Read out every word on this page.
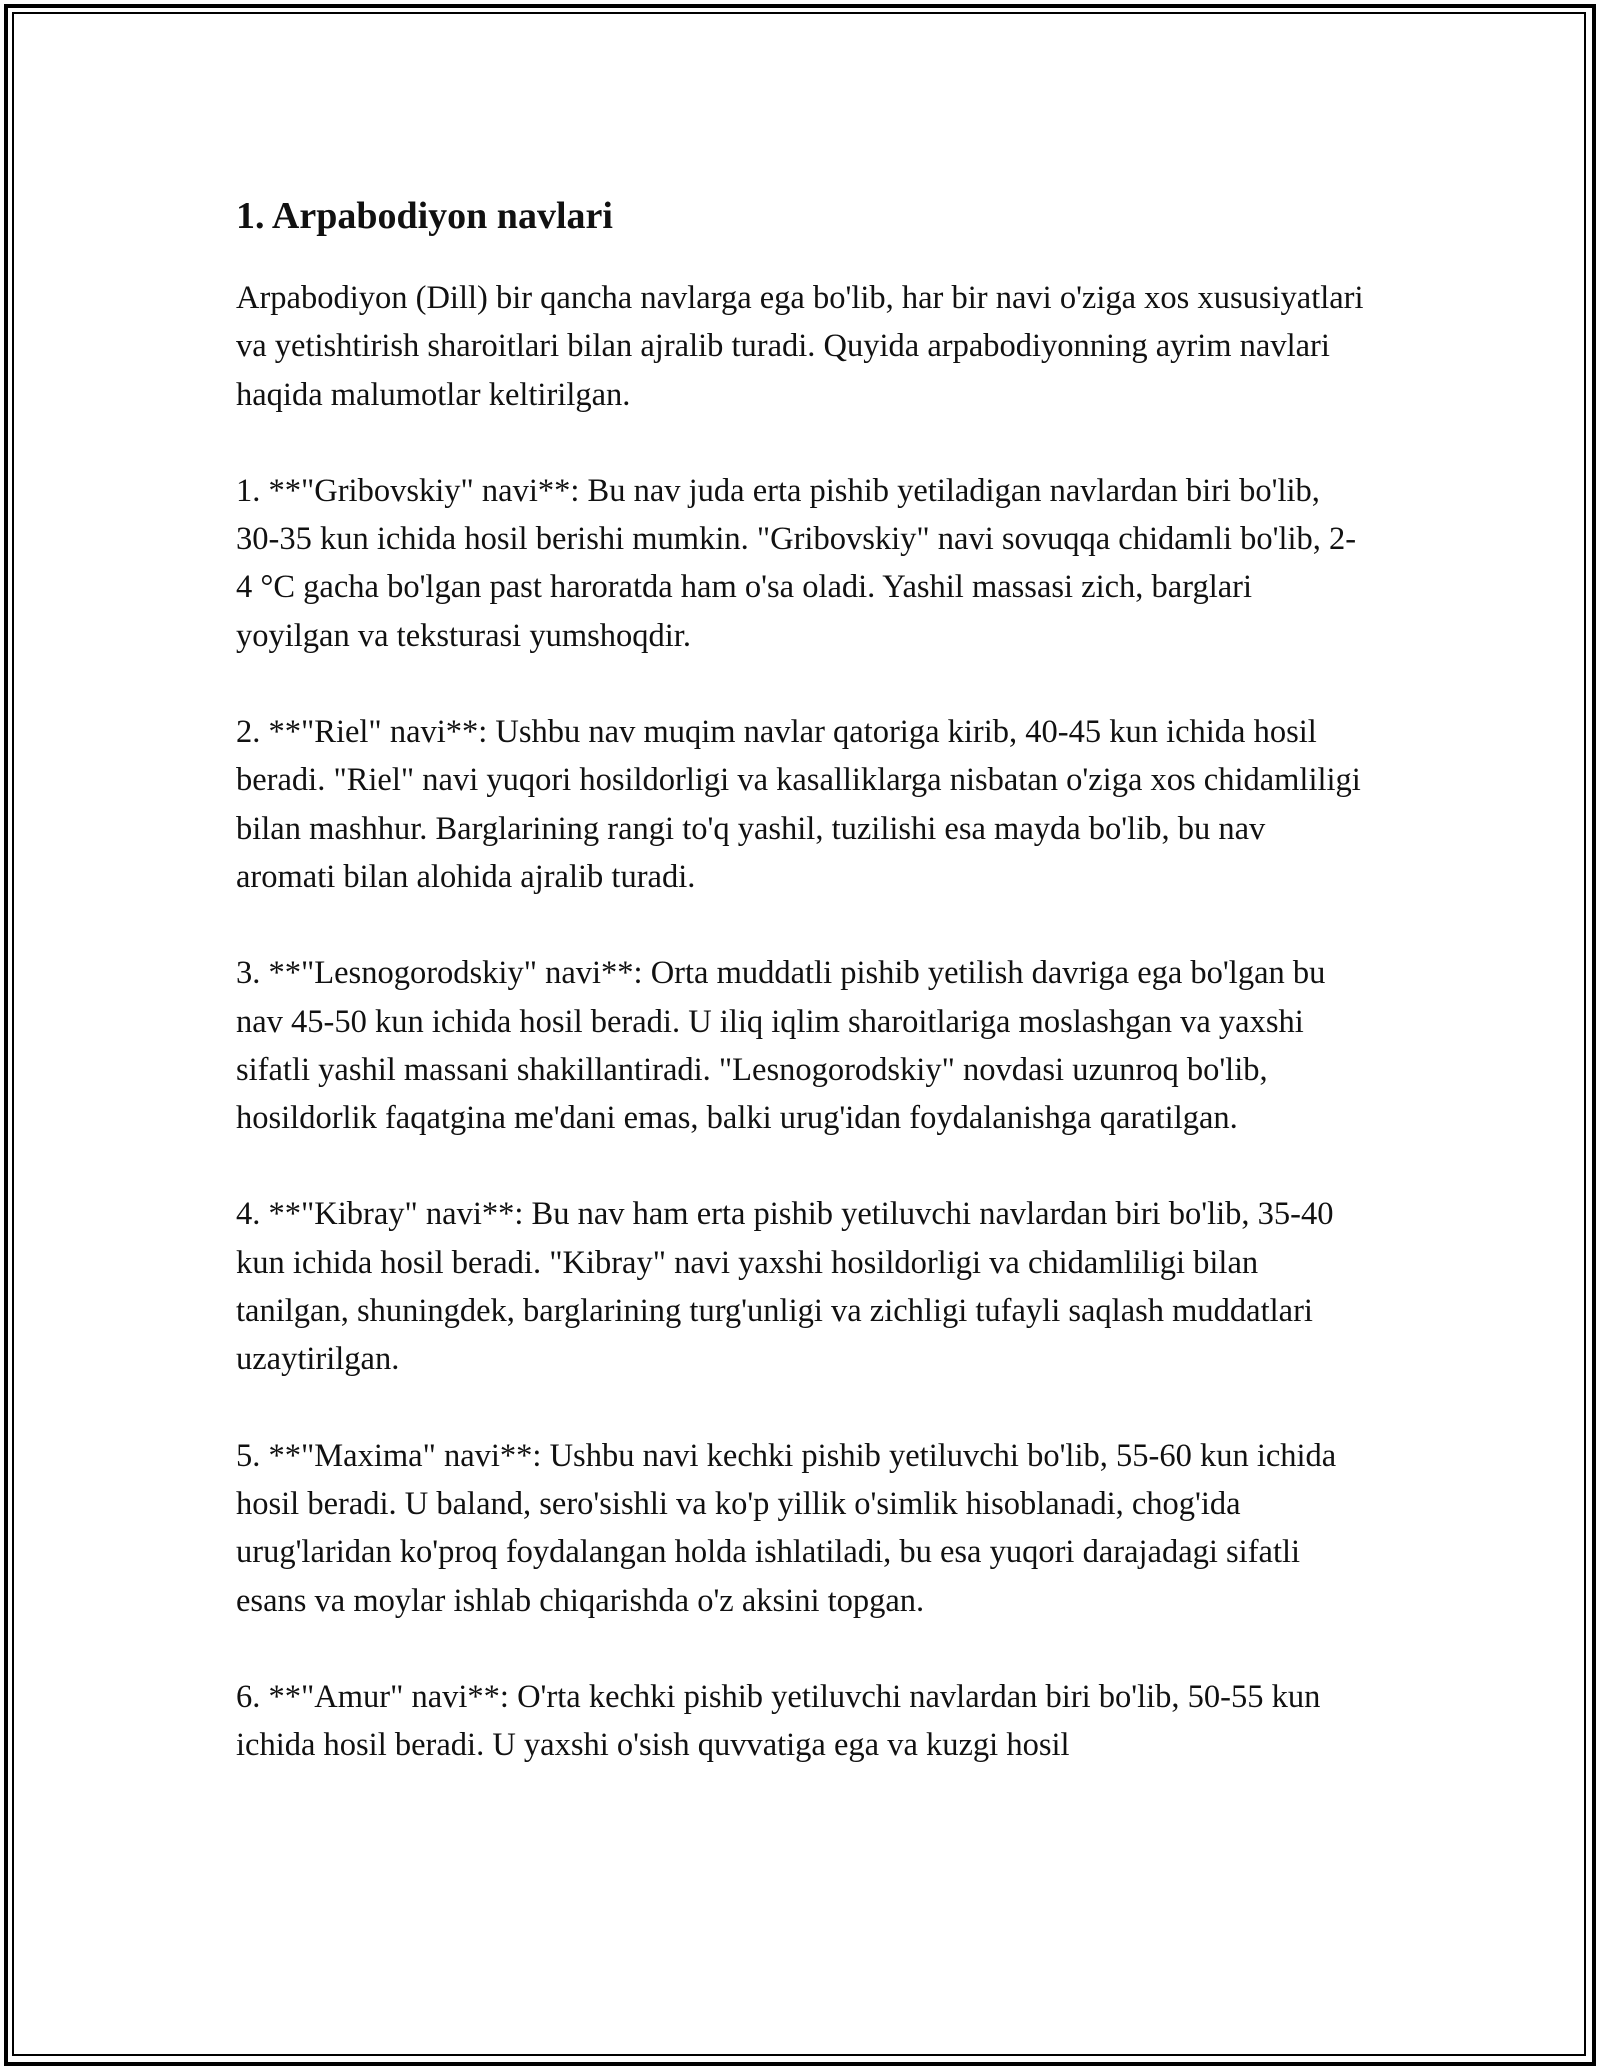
1. Arpabodiyon navlari

Arpabodiyon (Dill) bir qancha navlarga ega bo'lib, har bir navi o'ziga xos xususiyatlari va yetishtirish sharoitlari bilan ajralib turadi. Quyida arpabodiyonning ayrim navlari haqida malumotlar keltirilgan.

1. **"Gribovskiy" navi**: Bu nav juda erta pishib yetiladigan navlardan biri bo'lib, 30-35 kun ichida hosil berishi mumkin. "Gribovskiy" navi sovuqqa chidamli bo'lib, 2-4 °C gacha bo'lgan past haroratda ham o'sa oladi. Yashil massasi zich, barglari yoyilgan va teksturasi yumshoqdir.

2. **"Riel" navi**: Ushbu nav muqim navlar qatoriga kirib, 40-45 kun ichida hosil beradi. "Riel" navi yuqori hosildorligi va kasalliklarga nisbatan o'ziga xos chidamliligi bilan mashhur. Barglarining rangi to'q yashil, tuzilishi esa mayda bo'lib, bu nav aromati bilan alohida ajralib turadi.

3. **"Lesnogorodskiy" navi**: Orta muddatli pishib yetilish davriga ega bo'lgan bu nav 45-50 kun ichida hosil beradi. U iliq iqlim sharoitlariga moslashgan va yaxshi sifatli yashil massani shakillantiradi. "Lesnogorodskiy" novdasi uzunroq bo'lib, hosildorlik faqatgina me'dani emas, balki urug'idan foydalanishga qaratilgan.

4. **"Kibray" navi**: Bu nav ham erta pishib yetiluvchi navlardan biri bo'lib, 35-40 kun ichida hosil beradi. "Kibray" navi yaxshi hosildorligi va chidamliligi bilan tanilgan, shuningdek, barglarining turg'unligi va zichligi tufayli saqlash muddatlari uzaytirilgan.

5. **"Maxima" navi**: Ushbu navi kechki pishib yetiluvchi bo'lib, 55-60 kun ichida hosil beradi. U baland, sero'sishli va ko'p yillik o'simlik hisoblanadi, chog'ida urug'laridan ko'proq foydalangan holda ishlatiladi, bu esa yuqori darajadagi sifatli esans va moylar ishlab chiqarishda o'z aksini topgan.

6. **"Amur" navi**: O'rta kechki pishib yetiluvchi navlardan biri bo'lib, 50-55 kun ichida hosil beradi. U yaxshi o'sish quvvatiga ega va kuzgi hosil
